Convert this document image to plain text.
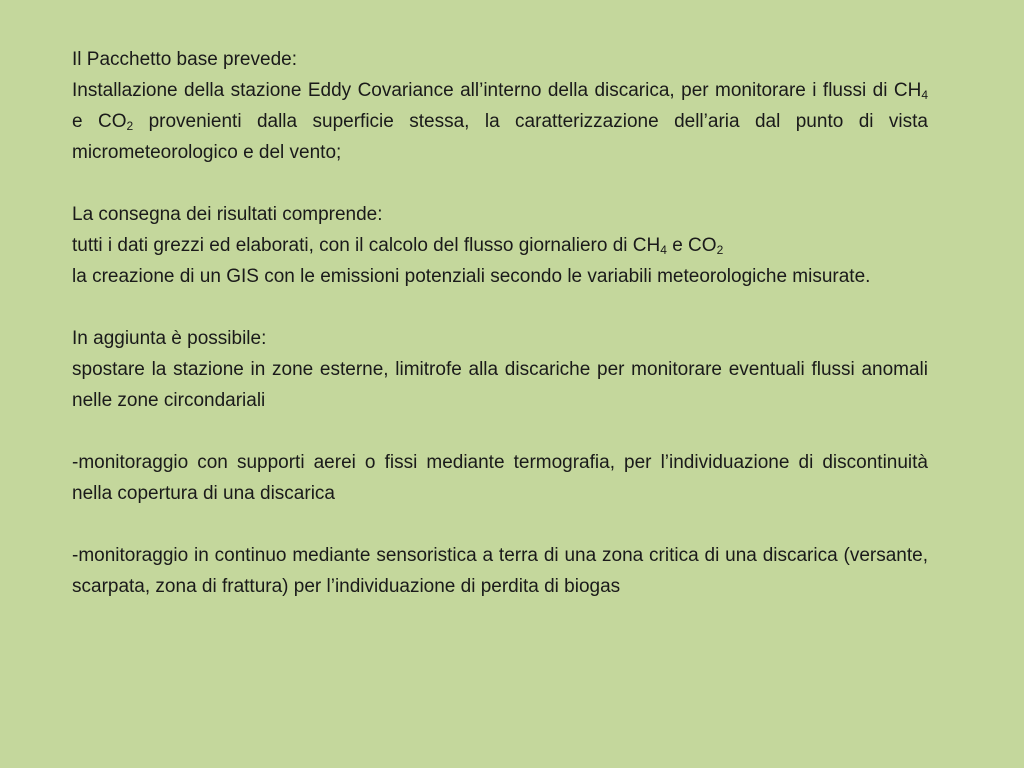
Il Pacchetto base prevede:

Installazione della stazione Eddy Covariance all’interno della discarica, per monitorare i flussi di $CH_4$ e $CO_2$ provenienti dalla superficie stessa, la caratterizzazione dell’aria dal punto di vista micrometeorologico e del vento;

La consegna dei risultati comprende:

tutti i dati grezzi ed elaborati, con il calcolo del flusso giornaliero di $CH_4$ e $CO_2$

la creazione di un GIS con le emissioni potenziali secondo le variabili meteorologiche misurate.

In aggiunta è possibile:

spostare la stazione in zone esterne, limitrofe alla discariche per monitorare eventuali flussi anomali nelle zone circondariali

-monitoraggio con supporti aerei o fissi mediante termografia, per l’individuazione di discontinuità nella copertura di una discarica

-monitoraggio in continuo mediante sensoristica a terra di una zona critica di una discarica (versante, scarpata, zona di frattura) per l’individuazione di perdita di biogas
